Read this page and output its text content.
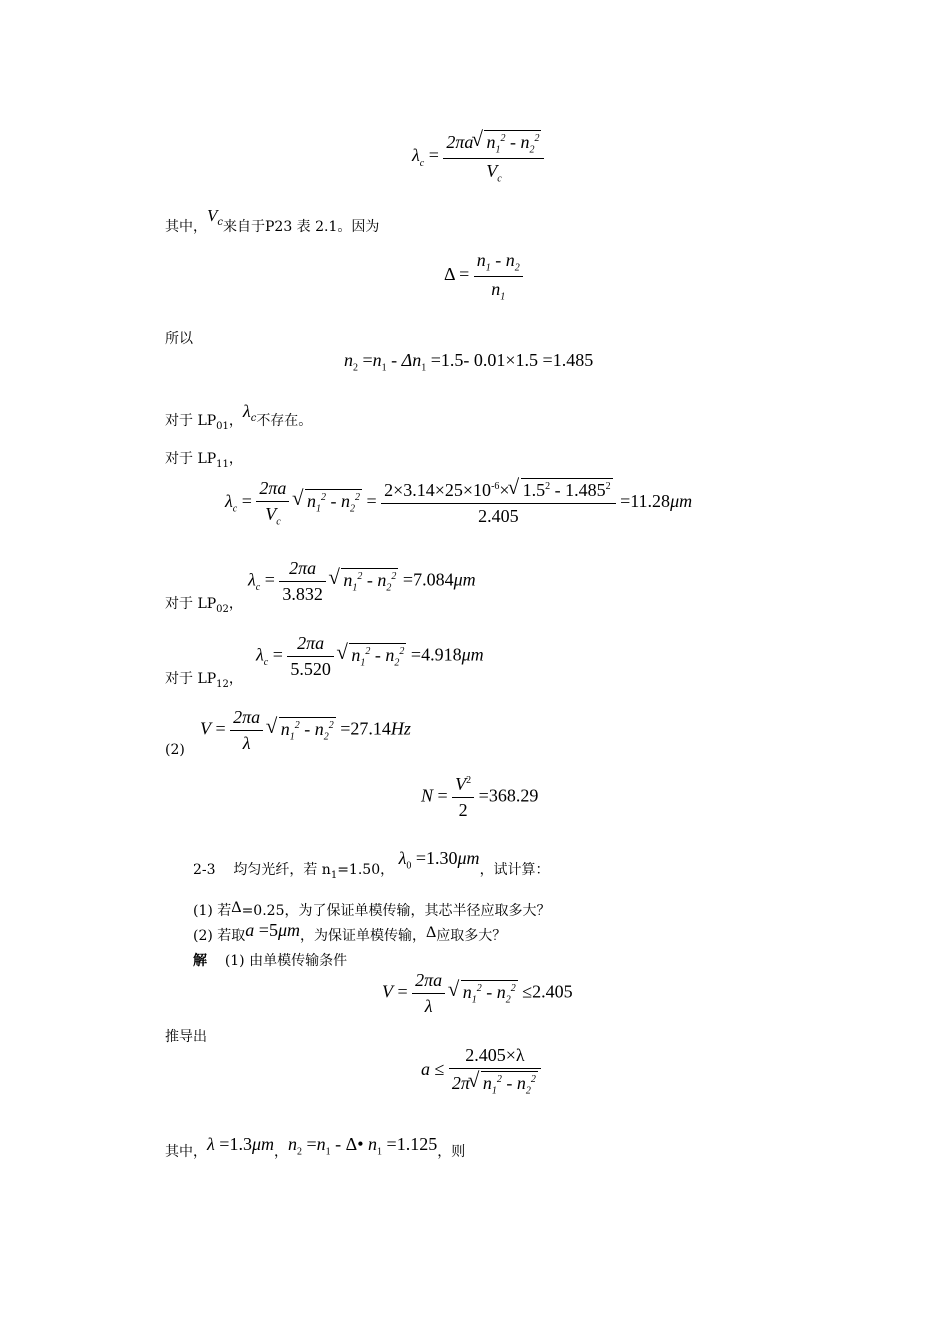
$\lambda_c = \frac{2\pi a √ n_1^2 - n_2^2}{V_c}$
其中，$V_c$来自于P23 表 2.1。因为
$\Delta = \frac{n_1 - n_2}{n_1}$
所以
$n_2 =n_1 - \Delta n_1 =1.5-$ 0.01×1.5 =1.485
对于 $LP_{01}$，$\lambda_c$不存在。
对于 $LP_{11}$，
$\lambda_c = \frac{2\pi a}{V_c}$ √ $n_1^2 - n_2^2 = \frac{2\times 3.14\times 25\times 10^{-6}\times √ 1.5^2 - 1.485^2}{2.405} =11.28\mu m$
$\lambda_c = \frac{2\pi a}{3.832}$ √ $n_1^2 - n_2^2 =7.084\mu m$
对于 $LP_{02}$，
$\lambda_c = \frac{2\pi a}{5.520}$ √ $n_1^2 - n_2^2 =4.918\mu m$
对于 $LP_{12}$，
$V = \frac{2\pi a}{\lambda}$ √ $n_1^2 - n_2^2 =27.14Hz$
(2)
$N = \frac{V^2}{2} =368.29$
2-3 均匀光纤，若 $n_1=1.50$， $\lambda_0 =1.30\mu m$，试计算：
(1) 若Δ=0.25，为了保证单模传输，其芯半径应取多大？
(2) 若取a =5μm，为保证单模传输，Δ应取多大？
解 (1) 由单模传输条件
$V = \frac{2\pi a}{\lambda}$ √ $n_1^2 - n_2^2 \le 2.405$
推导出
$a \le \frac{2.405\times\lambda}{2\pi √ n_1^2 - n_2^2}$
其中，λ =1.3μm，$n_2 =n_1$ - Δ• $n_1 =1.125$，则
